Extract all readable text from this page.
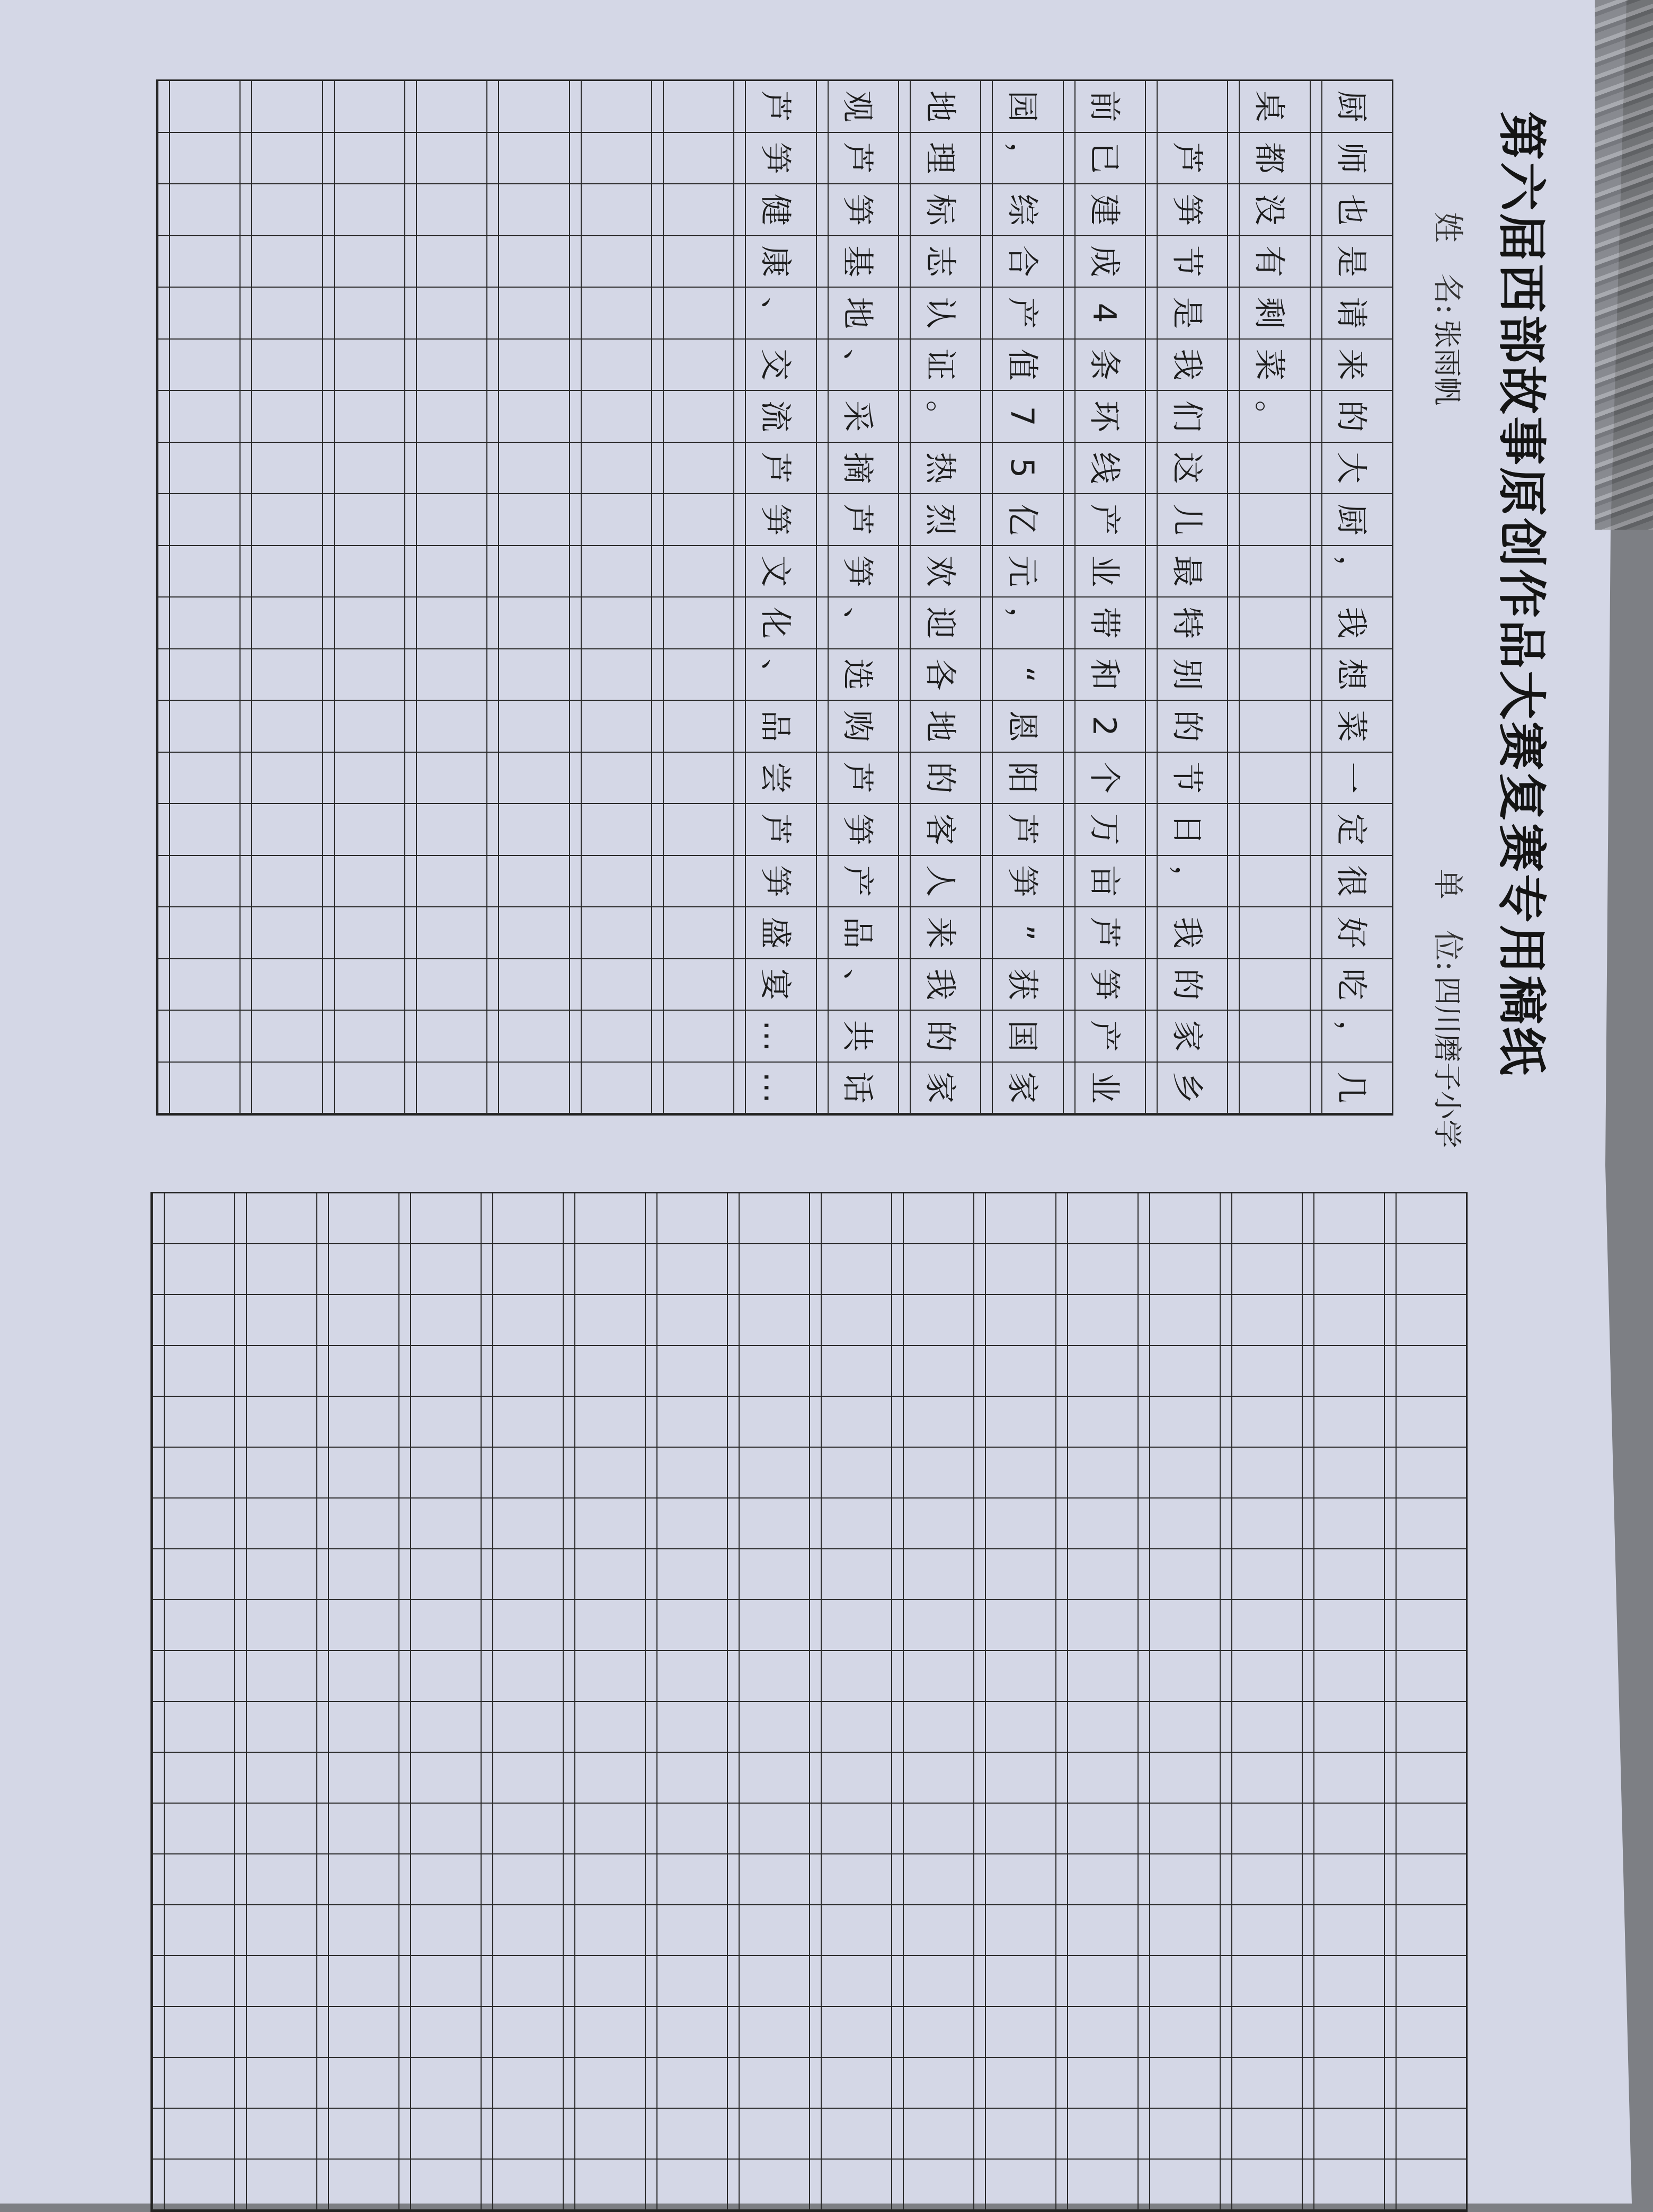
第六届西部故事原创作品大赛复赛专用稿纸
姓　名:张雨帆
单　位:四川磨子小学
厨
师
也
是
请
来
的
大
厨
，
我
想
菜
一
定
很
好
吃
，
几
桌
都
没
有
剩
菜
。
芦
笋
节
是
我
们
这
儿
最
特
别
的
节
日
，
我
的
家
乡
前
已
建
成
4
条
环
线
产
业
带
和
2
个
万
亩
芦
笋
产
业
园
，
综
合
产
值
7
5
亿
元
，
“
恩
阳
芦
笋
”
获
国
家
地
理
标
志
认
证
。
热
烈
欢
迎
各
地
的
客
人
来
我
的
家
观
芦
笋
基
地
、
采
摘
芦
笋
、
选
购
芦
笋
产
品
、
共
话
芦
笋
健
康
、
交
流
芦
笋
文
化
、
品
尝
芦
笋
盛
宴
…
…
